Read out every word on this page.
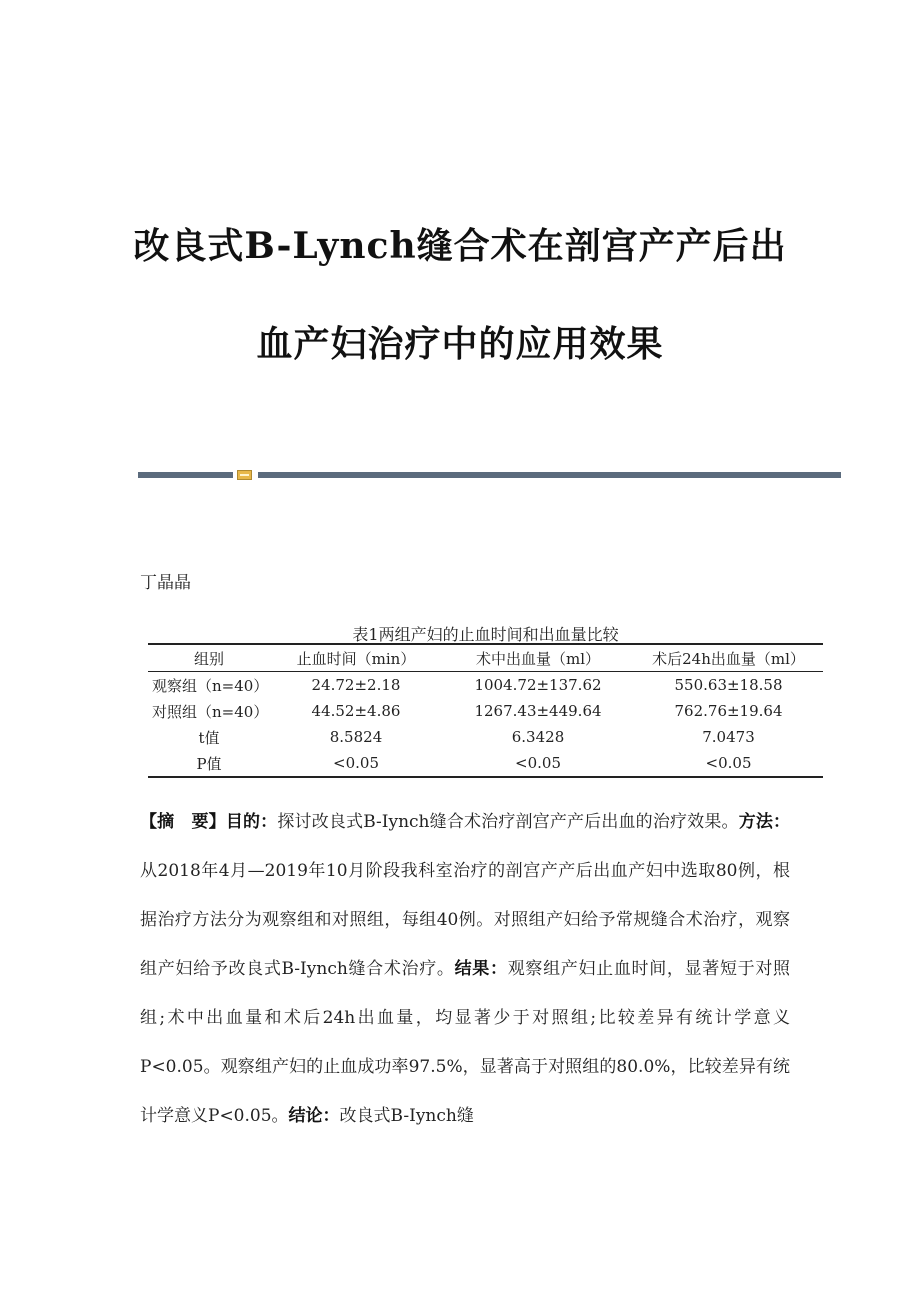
改良式B-Lynch缝合术在剖宫产产后出
血产妇治疗中的应用效果
丁晶晶
表1两组产妇的止血时间和出血量比较
组别	止血时间（min）	术中出血量（ml）	术后24h出血量（ml）
观察组（n=40）	24.72±2.18	1004.72±137.62	550.63±18.58
对照组（n=40）	44.52±4.86	1267.43±449.64	762.76±19.64
t值	8.5824	6.3428	7.0473
P值	<0.05	<0.05	<0.05
【摘　要】目的：探讨改良式B-Iynch缝合术治疗剖宫产产后出血的治疗效果。方法：从2018年4月—2019年10月阶段我科室治疗的剖宫产产后出血产妇中选取80例，根据治疗方法分为观察组和对照组，每组40例。对照组产妇给予常规缝合术治疗，观察组产妇给予改良式B-Iynch缝合术治疗。结果：观察组产妇止血时间，显著短于对照组;术中出血量和术后24h出血量，均显著少于对照组;比较差异有统计学意义P<0.05。观察组产妇的止血成功率97.5%，显著高于对照组的80.0%，比较差异有统计学意义P<0.05。结论：改良式B-Iynch缝
